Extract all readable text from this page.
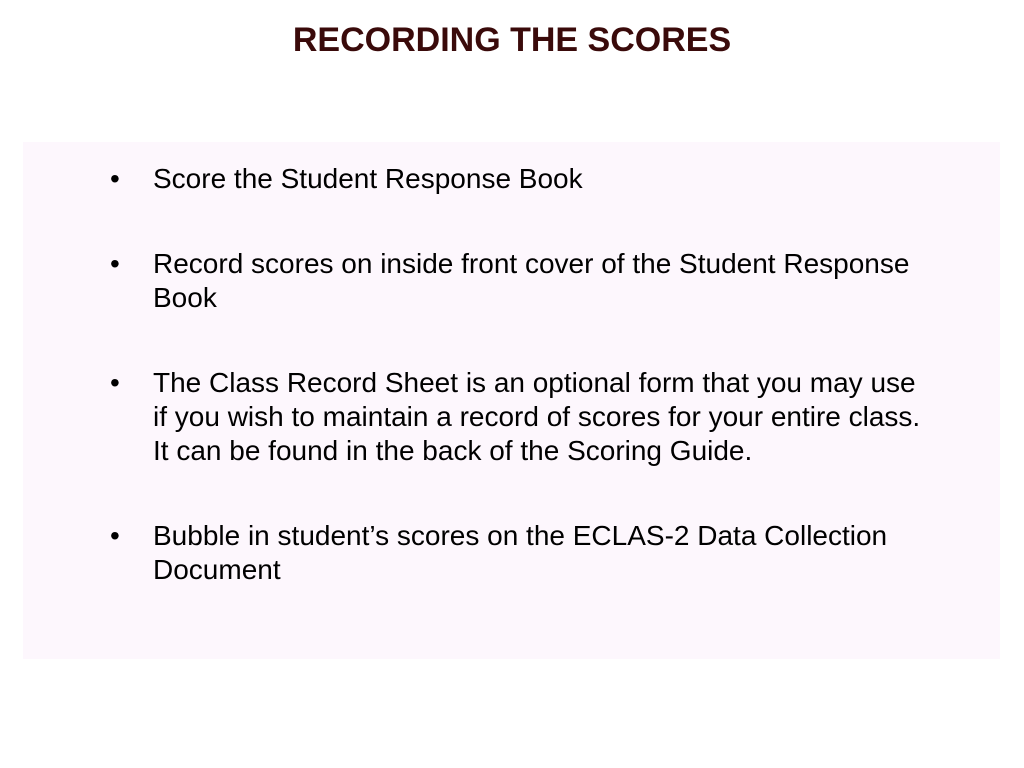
RECORDING THE SCORES
• Score the Student Response Book
• Record scores on inside front cover of the Student Response Book
• The Class Record Sheet is an optional form that you may use if you wish to maintain a record of scores for your entire class. It can be found in the back of the Scoring Guide.
• Bubble in student’s scores on the ECLAS-2 Data Collection Document
